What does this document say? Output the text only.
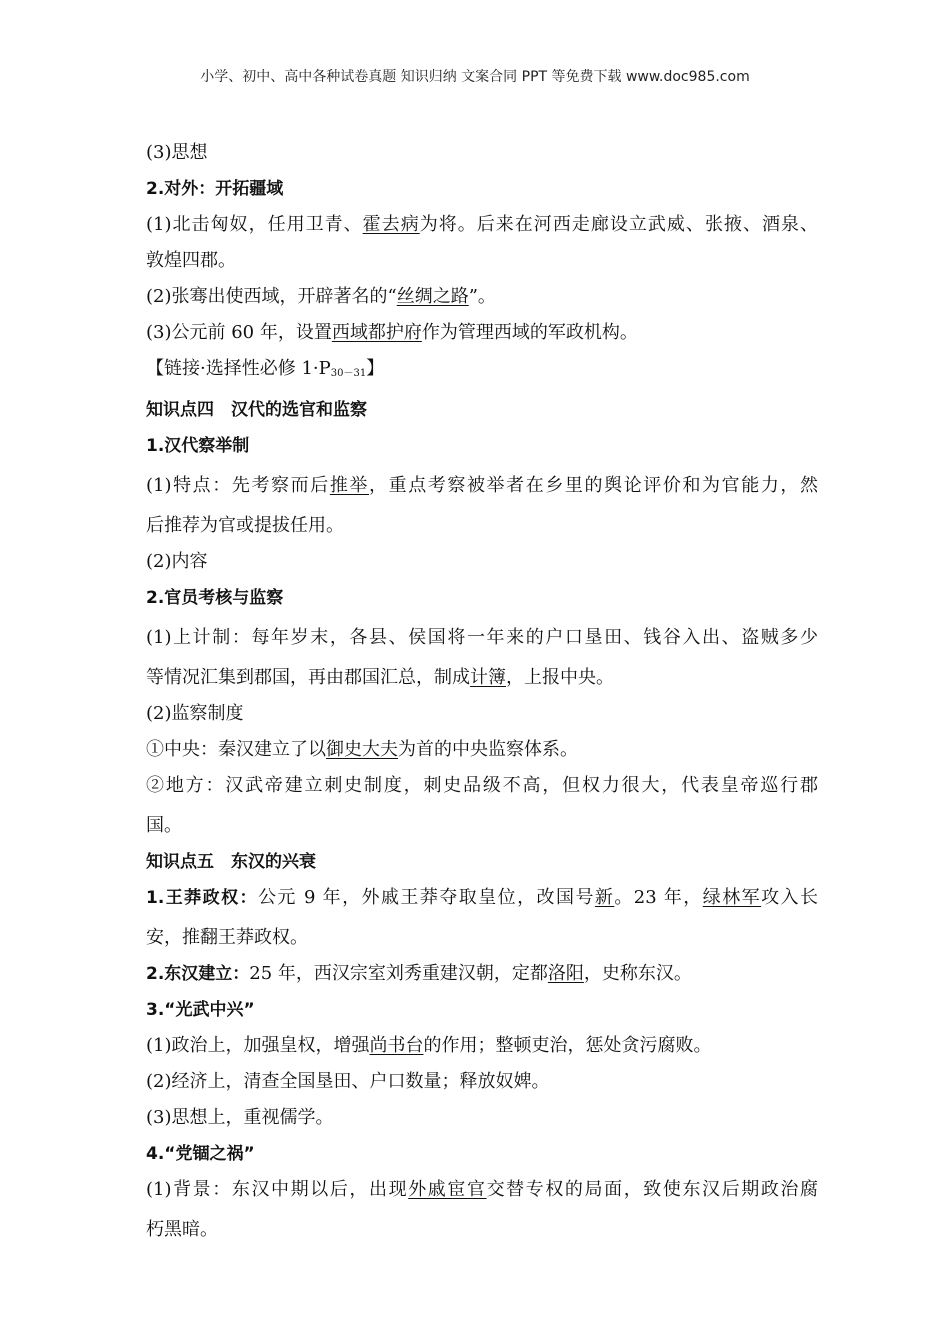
小学、初中、高中各种试卷真题 知识归纳 文案合同 PPT 等免费下载 www.doc985.com

(3)思想

2.对外：开拓疆域

(1)北击匈奴，任用卫青、霍去病为将。后来在河西走廊设立武威、张掖、酒泉、

敦煌四郡。

(2)张骞出使西域，开辟著名的“丝绸之路”。

(3)公元前 60 年，设置西域都护府作为管理西域的军政机构。

【链接·选择性必修 $1\cdot P_{30-31}$】

知识点四　汉代的选官和监察

1.汉代察举制

(1)特点：先考察而后推举，重点考察被举者在乡里的舆论评价和为官能力，然

后推荐为官或提拔任用。

(2)内容

2.官员考核与监察

(1)上计制：每年岁末，各县、侯国将一年来的户口垦田、钱谷入出、盗贼多少

等情况汇集到郡国，再由郡国汇总，制成计簿，上报中央。

(2)监察制度

①中央：秦汉建立了以御史大夫为首的中央监察体系。

②地方：汉武帝建立刺史制度，刺史品级不高，但权力很大，代表皇帝巡行郡

国。

知识点五　东汉的兴衰

1.王莽政权：公元 9 年，外戚王莽夺取皇位，改国号新。23 年，绿林军攻入长

安，推翻王莽政权。

2.东汉建立：25 年，西汉宗室刘秀重建汉朝，定都洛阳，史称东汉。

3.“光武中兴”

(1)政治上，加强皇权，增强尚书台的作用；整顿吏治，惩处贪污腐败。

(2)经济上，清查全国垦田、户口数量；释放奴婢。

(3)思想上，重视儒学。

4.“党锢之祸”

(1)背景：东汉中期以后，出现外戚宦官交替专权的局面，致使东汉后期政治腐

朽黑暗。
